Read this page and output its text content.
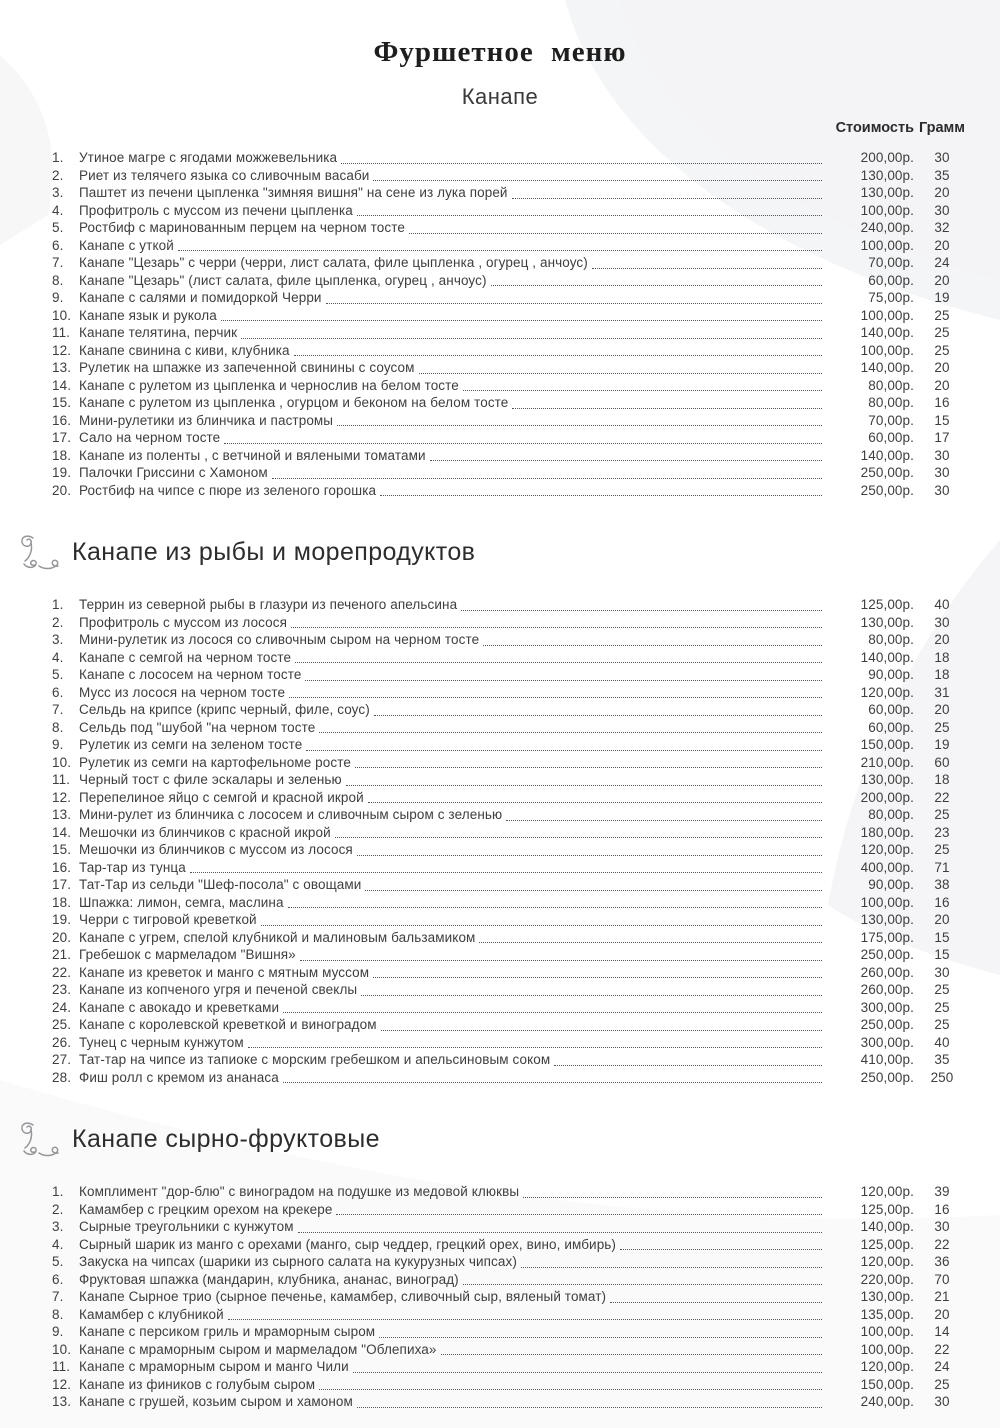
Фуршетное меню
Канапе
Стоимость Грамм
1.	Утиное магре с ягодами можжевельника	200,00р.	30
2.	Риет из телячего языка со сливочным васаби	130,00р.	35
3.	Паштет из печени цыпленка "зимняя вишня" на сене из лука порей	130,00р.	20
4.	Профитроль с муссом из печени цыпленка	100,00р.	30
5.	Ростбиф с маринованным перцем на черном тосте	240,00р.	32
6.	Канапе с уткой	100,00р.	20
7.	Канапе "Цезарь" с черри (черри, лист салата, филе цыпленка , огурец , анчоус)	70,00р.	24
8.	Канапе "Цезарь" (лист салата, филе цыпленка, огурец , анчоус)	60,00р.	20
9.	Канапе с салями и помидоркой Черри	75,00р.	19
10. Канапе язык и рукола	100,00р.	25
11. Канапе телятина, перчик	140,00р.	25
12. Канапе свинина с киви, клубника	100,00р.	25
13. Рулетик на шпажке из запеченной свинины с соусом	140,00р.	20
14. Канапе с рулетом из цыпленка и чернослив на белом тосте	80,00р.	20
15. Канапе с рулетом из цыпленка , огурцом и беконом на белом тосте	80,00р.	16
16. Мини-рулетики из блинчика и пастромы	70,00р.	15
17. Сало на черном тосте	60,00р.	17
18. Канапе из поленты , с ветчиной и вялеными томатами	140,00р.	30
19. Палочки Гриссини с Хамоном	250,00р.	30
20. Ростбиф на чипсе с пюре из зеленого горошка	250,00р.	30
Канапе из рыбы и морепродуктов
1.	Террин из северной рыбы в глазури из печеного апельсина	125,00р.	40
2.	Профитроль с муссом из лосося	130,00р.	30
3.	Мини-рулетик из лосося со сливочным сыром на черном тосте	80,00р.	20
4.	Канапе с семгой на черном тосте	140,00р.	18
5.	Канапе с лососем на черном тосте	90,00р.	18
6.	Мусс из лосося на черном тосте	120,00р.	31
7.	Сельдь на крипсе (крипс черный, филе, соус)	60,00р.	20
8.	Сельдь под "шубой "на черном тосте	60,00р.	25
9.	Рулетик из семги на зеленом тосте	150,00р.	19
10. Рулетик из семги на картофельноме росте	210,00р.	60
11. Черный тост с филе эскалары и зеленью	130,00р.	18
12. Перепелиное яйцо с семгой и красной икрой	200,00р.	22
13. Мини-рулет из блинчика с лососем и сливочным сыром с зеленью	80,00р.	25
14. Мешочки из блинчиков с красной икрой	180,00р.	23
15. Мешочки из блинчиков с муссом из лосося	120,00р.	25
16. Тар-тар из тунца	400,00р.	71
17. Тат-Тар из сельди "Шеф-посола" с овощами	90,00р.	38
18. Шпажка: лимон, семга, маслина	100,00р.	16
19. Черри с тигровой креветкой	130,00р.	20
20. Канапе с угрем, спелой клубникой и малиновым бальзамиком	175,00р.	15
21. Гребешок с мармеладом "Вишня»	250,00р.	15
22. Канапе из креветок и манго с мятным муссом	260,00р.	30
23. Канапе из копченого угря и печеной свеклы	260,00р.	25
24. Канапе с авокадо и креветками	300,00р.	25
25. Канапе с королевской креветкой и виноградом	250,00р.	25
26. Тунец с черным кунжутом	300,00р.	40
27. Тат-тар на чипсе из тапиоке с морским гребешком и апельсиновым соком	410,00р.	35
28. Фиш ролл с кремом из ананаса	250,00р.	250
Канапе сырно-фруктовые
1.	Комплимент "дор-блю" с виноградом на подушке из медовой клюквы	120,00р.	39
2.	Камамбер с грецким орехом на крекере	125,00р.	16
3.	Сырные треугольники с кунжутом	140,00р.	30
4.	Сырный шарик из манго с орехами (манго, сыр чеддер, грецкий орех, вино, имбирь)	125,00р.	22
5.	Закуска на чипсах (шарики из сырного салата на кукурузных чипсах)	120,00р.	36
6.	Фруктовая шпажка (мандарин, клубника, ананас, виноград)	220,00р.	70
7.	Канапе Сырное трио (сырное печенье, камамбер, сливочный сыр, вяленый томат)	130,00р.	21
8.	Камамбер с клубникой	135,00р.	20
9.	Канапе с персиком гриль и мраморным сыром	100,00р.	14
10. Канапе с мраморным сыром и мармеладом "Облепиха»	100,00р.	22
11. Канапе с мраморным сыром и манго Чили	120,00р.	24
12. Канапе из фиников с голубым сыром	150,00р.	25
13. Канапе с грушей, козьим сыром и хамоном	240,00р.	30
